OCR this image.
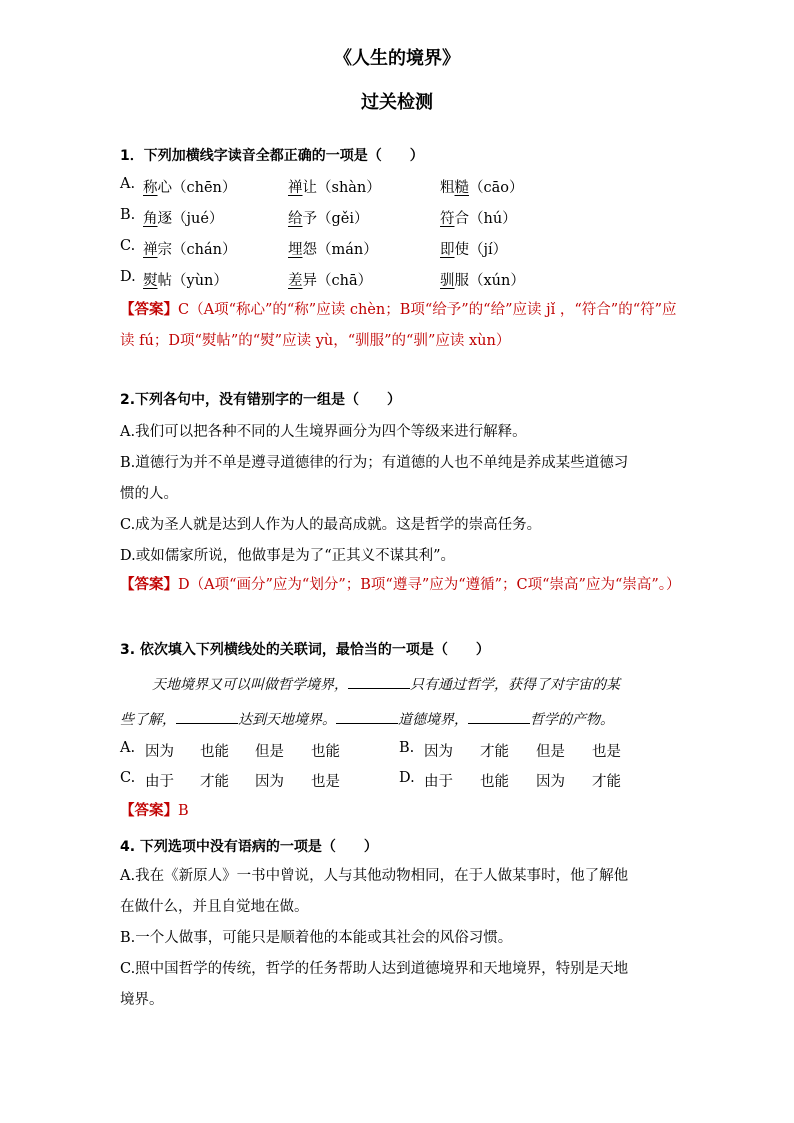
《人生的境界》
过关检测
1．下列加横线字读音全都正确的一项是（　　）
A. 称心（chēn）	禅让（shàn）	粗糙（cāo）
B. 角逐（jué）	给予（gěi）	符合（hú）
C. 禅宗（chán）	埋怨（mán）	即使（jí）
D. 熨帖（yùn）	差异（chā）	驯服（xún）
【答案】C（A项“称心”的“称”应读 chèn；B项“给予”的“给”应读 jǐ ，“符合”的“符”应读 fú；D项“熨帖”的“熨”应读 yù，“驯服”的“驯”应读 xùn）
2.下列各句中，没有错别字的一组是（　　）
A.我们可以把各种不同的人生境界画分为四个等级来进行解释。
B.道德行为并不单是遵寻道德律的行为；有道德的人也不单纯是养成某些道德习
惯的人。
C.成为圣人就是达到人作为人的最高成就。这是哲学的崇高任务。
D.或如儒家所说，他做事是为了“正其义不谋其利”。
【答案】D（A项“画分”应为“划分”；B项“遵寻”应为“遵循”；C项“崇高”应为“崇高”。）
3. 依次填入下列横线处的关联词，最恰当的一项是（　　）
天地境界又可以叫做哲学境界，	只有通过哲学，获得了对宇宙的某
些了解，	达到天地境界。	道德境界，	哲学的产物。
A. 因为 也能 但是 也能	B. 因为 才能 但是 也是
C. 由于 才能 因为 也是	D. 由于 也能 因为 才能
【答案】B
4. 下列选项中没有语病的一项是（　　）
A.我在《新原人》一书中曾说，人与其他动物相同，在于人做某事时，他了解他
在做什么，并且自觉地在做。
B.一个人做事，可能只是顺着他的本能或其社会的风俗习惯。
C.照中国哲学的传统，哲学的任务帮助人达到道德境界和天地境界，特别是天地
境界。
